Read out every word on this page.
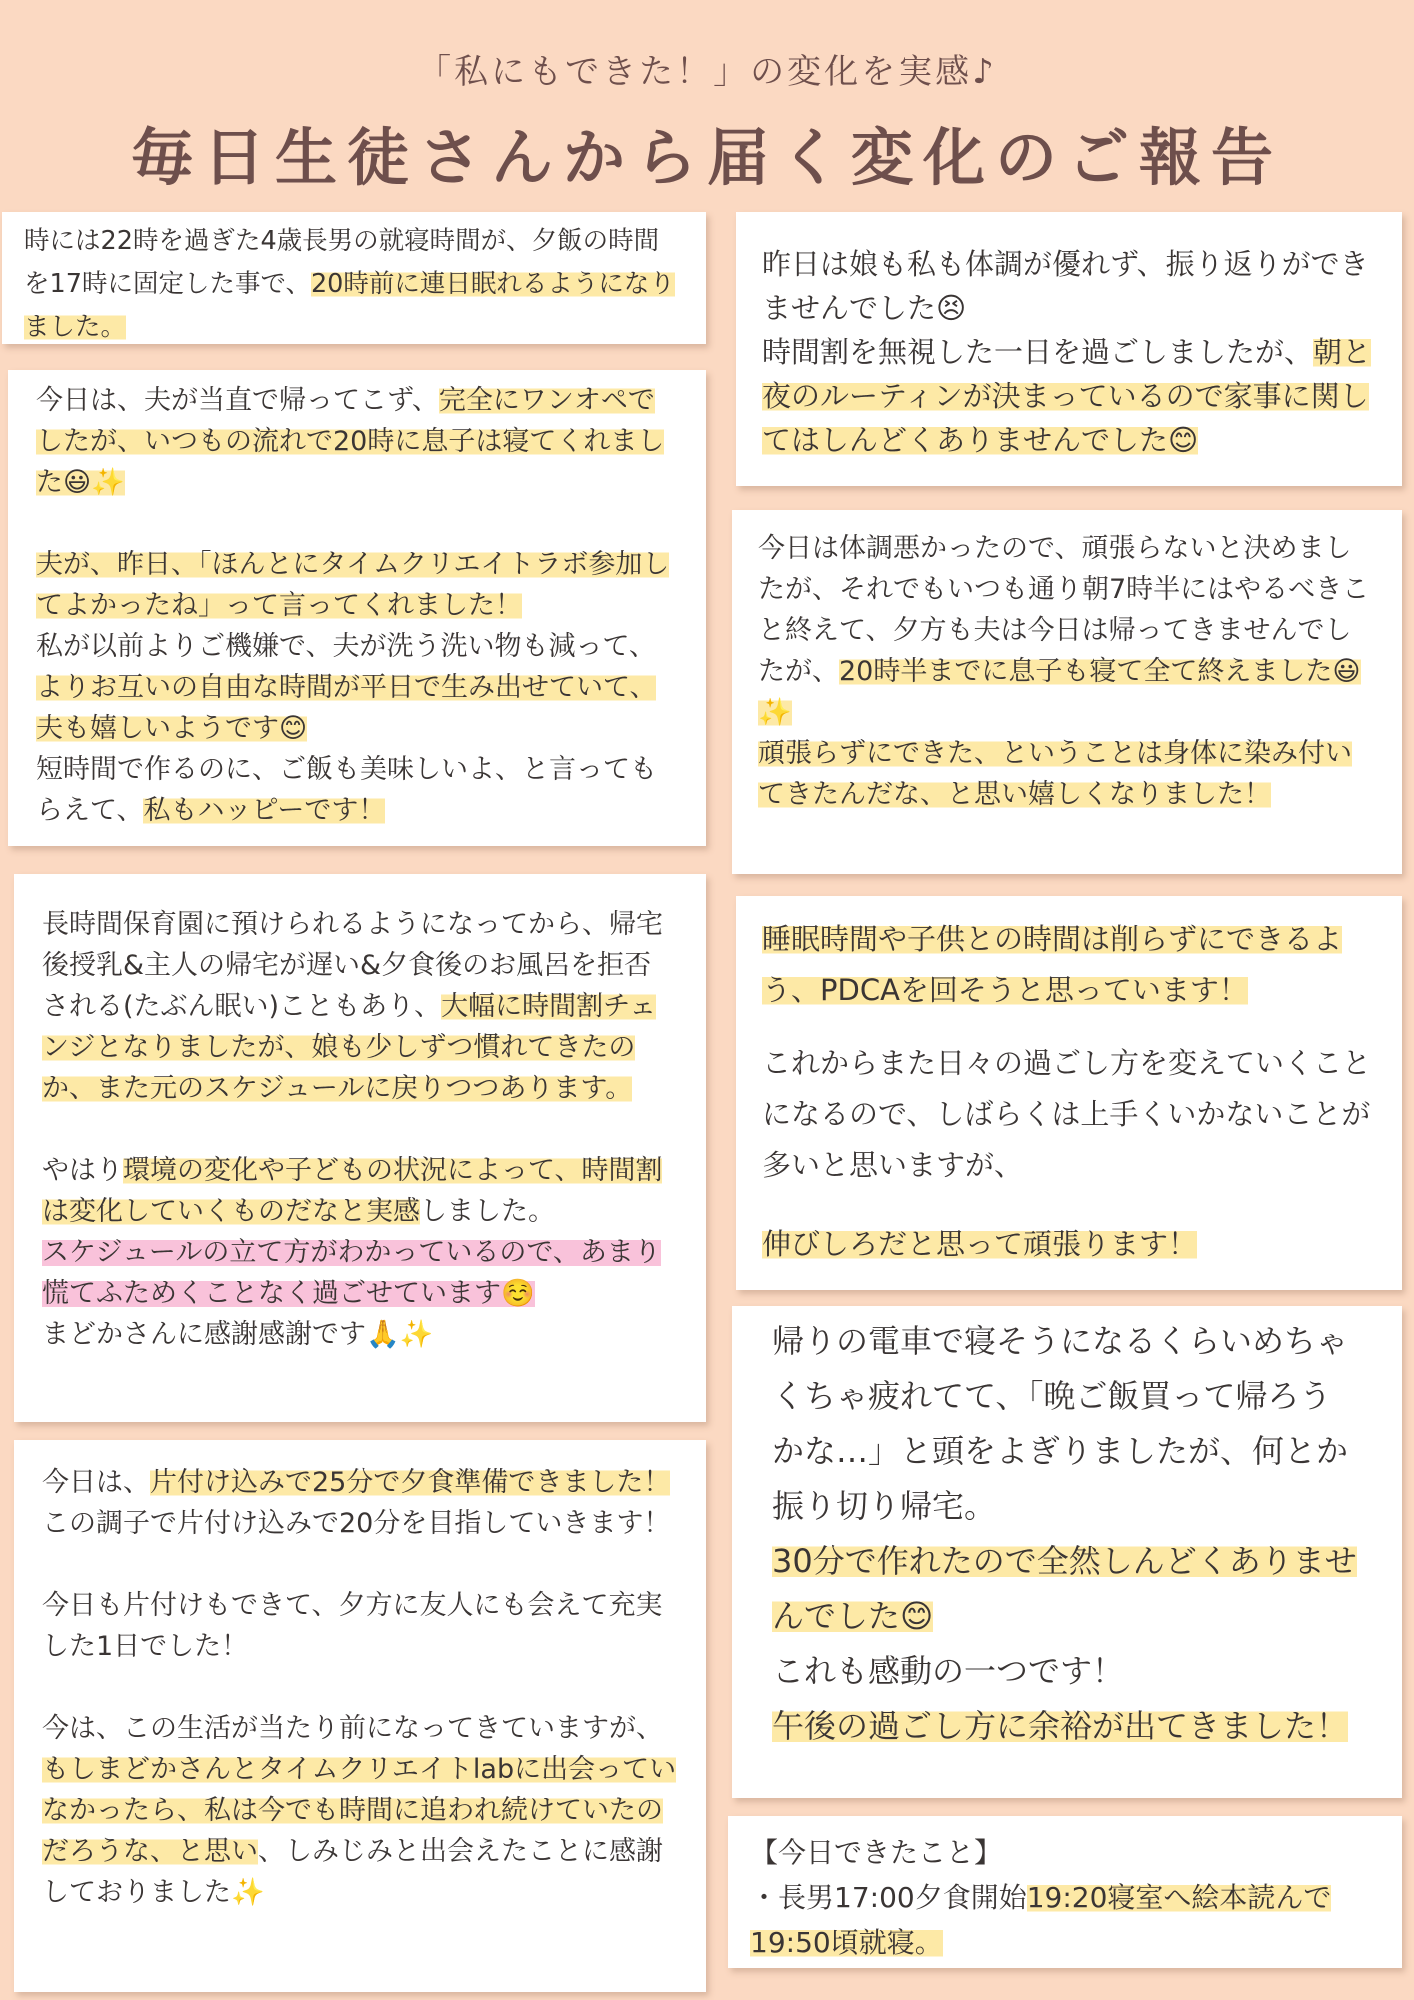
「私にもできた！」の変化を実感♪
毎日生徒さんから届く変化のご報告

時には22時を過ぎた4歳長男の就寝時間が、夕飯の時間を17時に固定した事で、20時前に連日眠れるようになりました。

今日は、夫が当直で帰ってこず、完全にワンオペでしたが、いつもの流れで20時に息子は寝てくれました😃✨

夫が、昨日、「ほんとにタイムクリエイトラボ参加してよかったね」って言ってくれました！

私が以前よりご機嫌で、夫が洗う洗い物も減って、よりお互いの自由な時間が平日で生み出せていて、夫も嬉しいようです😊

短時間で作るのに、ご飯も美味しいよ、と言ってもらえて、私もハッピーです！

長時間保育園に預けられるようになってから、帰宅後授乳&主人の帰宅が遅い&夕食後のお風呂を拒否される(たぶん眠い)こともあり、大幅に時間割チェンジとなりましたが、娘も少しずつ慣れてきたのか、また元のスケジュールに戻りつつあります。

やはり環境の変化や子どもの状況によって、時間割は変化していくものだなと実感しました。

スケジュールの立て方がわかっているので、あまり慌てふためくことなく過ごせています☺️

まどかさんに感謝感謝です🙏✨

今日は、片付け込みで25分で夕食準備できました！この調子で片付け込みで20分を目指していきます！

今日も片付けもできて、夕方に友人にも会えて充実した1日でした！

今は、この生活が当たり前になってきていますが、もしまどかさんとタイムクリエイトlabに出会っていなかったら、私は今でも時間に追われ続けていたのだろうな、と思い、しみじみと出会えたことに感謝しておりました✨

昨日は娘も私も体調が優れず、振り返りができませんでした😣

時間割を無視した一日を過ごしましたが、朝と夜のルーティンが決まっているので家事に関してはしんどくありませんでした😊

今日は体調悪かったので、頑張らないと決めましたが、それでもいつも通り朝7時半にはやるべきこと終えて、夕方も夫は今日は帰ってきませんでしたが、20時半までに息子も寝て全て終えました😃✨

頑張らずにできた、ということは身体に染み付いてきたんだな、と思い嬉しくなりました！

睡眠時間や子供との時間は削らずにできるよう、PDCAを回そうと思っています！

これからまた日々の過ごし方を変えていくことになるので、しばらくは上手くいかないことが多いと思いますが、

伸びしろだと思って頑張ります！

帰りの電車で寝そうになるくらいめちゃくちゃ疲れてて、「晩ご飯買って帰ろうかな…」と頭をよぎりましたが、何とか振り切り帰宅。

30分で作れたので全然しんどくありませんでした😊

これも感動の一つです！

午後の過ごし方に余裕が出てきました！

【今日できたこと】

・長男17:00夕食開始19:20寝室へ絵本読んで19:50頃就寝。
